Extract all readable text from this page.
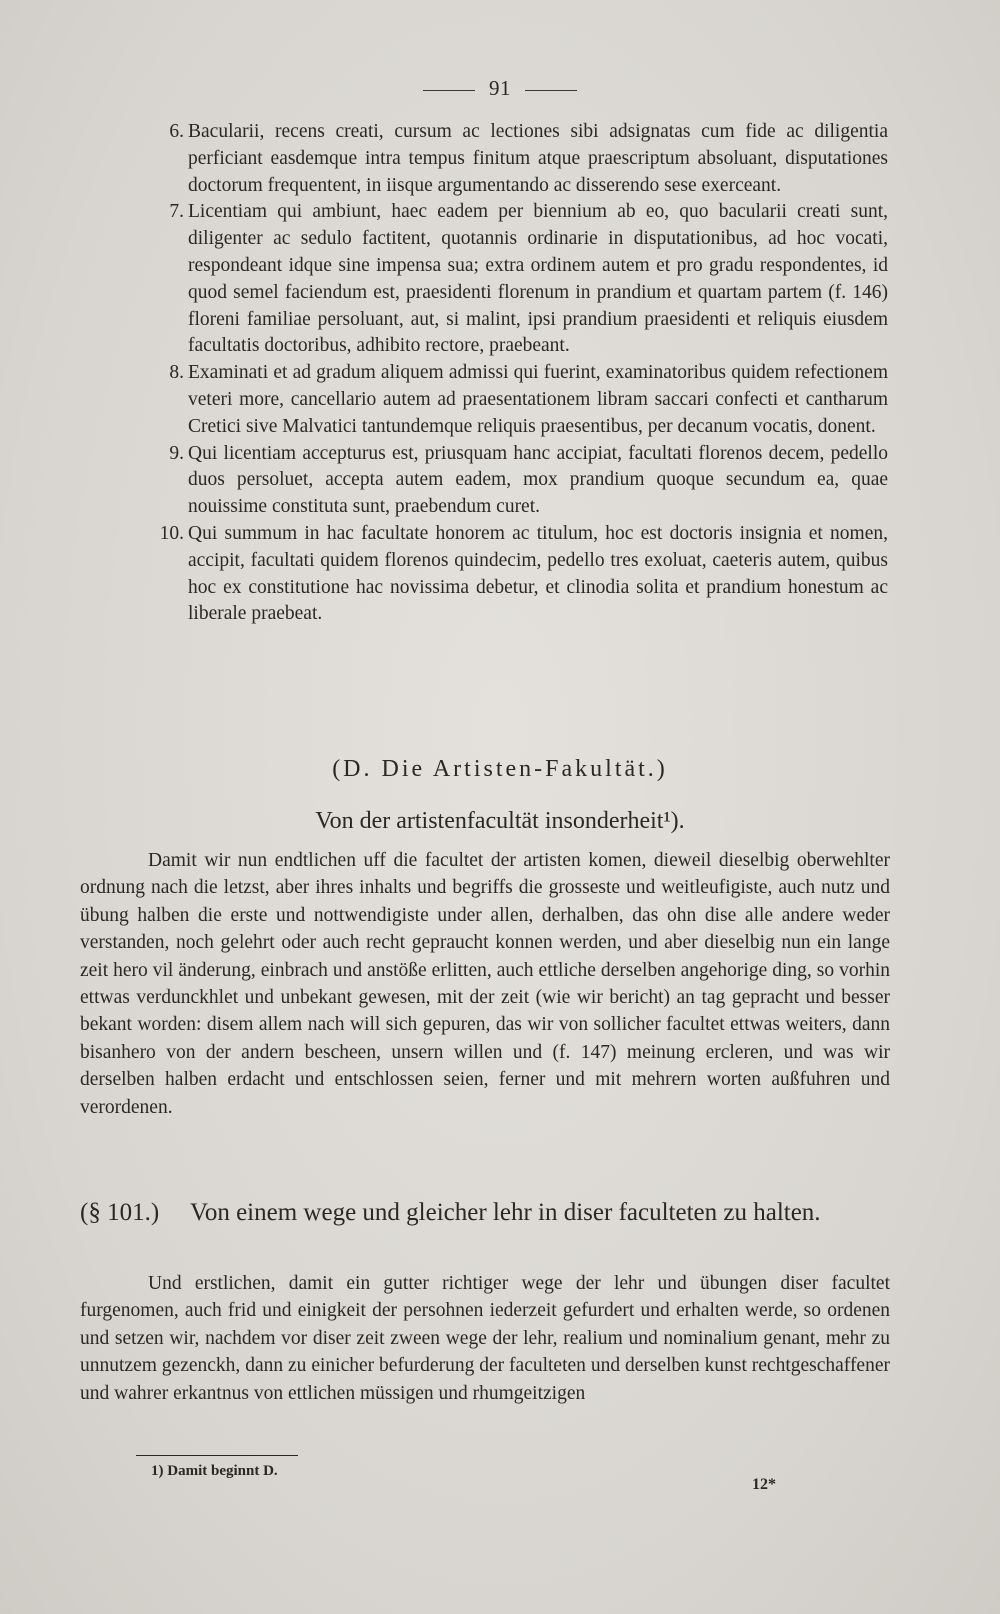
91
6. Bacularii, recens creati, cursum ac lectiones sibi adsignatas cum fide ac diligentia perficiant easdemque intra tempus finitum atque praescriptum absoluant, disputationes doctorum frequentent, in iisque argumentando ac disserendo sese exerceant.
7. Licentiam qui ambiunt, haec eadem per biennium ab eo, quo bacularii creati sunt, diligenter ac sedulo factitent, quotannis ordinarie in disputationibus, ad hoc vocati, respondeant idque sine impensa sua; extra ordinem autem et pro gradu respondentes, id quod semel faciendum est, praesidenti florenum in prandium et quartam partem (f. 146) floreni familiae persoluant, aut, si malint, ipsi prandium praesidenti et reliquis eiusdem facultatis doctoribus, adhibito rectore, praebeant.
8. Examinati et ad gradum aliquem admissi qui fuerint, examinatoribus quidem refectionem veteri more, cancellario autem ad praesentationem libram saccari confecti et cantharum Cretici sive Malvatici tantundemque reliquis praesentibus, per decanum vocatis, donent.
9. Qui licentiam accepturus est, priusquam hanc accipiat, facultati florenos decem, pedello duos persoluet, accepta autem eadem, mox prandium quoque secundum ea, quae nouissime constituta sunt, praebendum curet.
10. Qui summum in hac facultate honorem ac titulum, hoc est doctoris insignia et nomen, accipit, facultati quidem florenos quindecim, pedello tres exoluat, caeteris autem, quibus hoc ex constitutione hac novissima debetur, et clinodia solita et prandium honestum ac liberale praebeat.
(D. Die Artisten-Fakultät.)
Von der artistenfacultät insonderheit¹).
Damit wir nun endtlichen uff die facultet der artisten komen, dieweil dieselbig oberwehlter ordnung nach die letzst, aber ihres inhalts und begriffs die grosseste und weitleufigiste, auch nutz und übung halben die erste und nottwendigiste under allen, derhalben, das ohn dise alle andere weder verstanden, noch gelehrt oder auch recht gepraucht konnen werden, und aber dieselbig nun ein lange zeit hero vil änderung, einbrach und anstöße erlitten, auch ettliche derselben angehorige ding, so vorhin ettwas verdunckhlet und unbekant gewesen, mit der zeit (wie wir bericht) an tag gepracht und besser bekant worden: disem allem nach will sich gepuren, das wir von sollicher facultet ettwas weiters, dann bisanhero von der andern bescheen, unsern willen und (f. 147) meinung ercleren, und was wir derselben halben erdacht und entschlossen seien, ferner und mit mehrern worten außfuhren und verordenen.
(§ 101.) Von einem wege und gleicher lehr in diser faculteten zu halten.
Und erstlichen, damit ein gutter richtiger wege der lehr und übungen diser facultet furgenomen, auch frid und einigkeit der persohnen iederzeit gefurdert und erhalten werde, so ordenen und setzen wir, nachdem vor diser zeit zween wege der lehr, realium und nominalium genant, mehr zu unnutzem gezenckh, dann zu einicher befurderung der faculteten und derselben kunst rechtgeschaffener und wahrer erkantnus von ettlichen müssigen und rhumgeitzigen
1) Damit beginnt D.
12*
